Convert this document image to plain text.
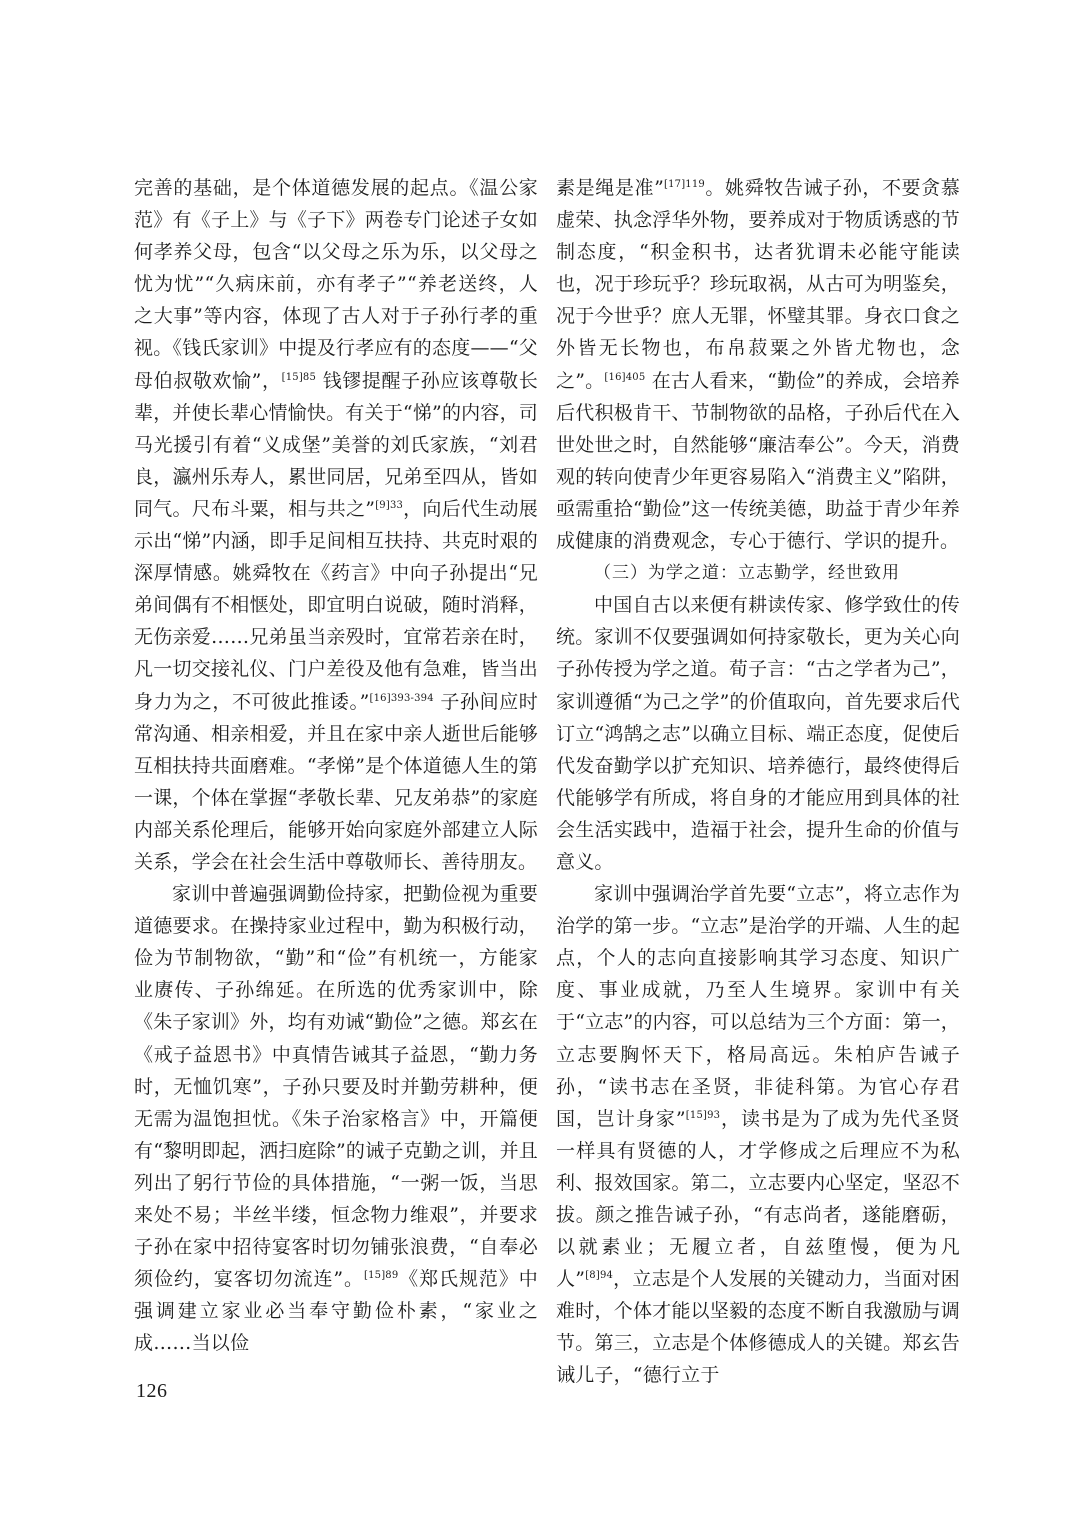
完善的基础，是个体道德发展的起点。《温公家范》有《子上》与《子下》两卷专门论述子女如何孝养父母，包含“以父母之乐为乐，以父母之忧为忧”“久病床前，亦有孝子”“养老送终，人之大事”等内容，体现了古人对于子孙行孝的重视。《钱氏家训》中提及行孝应有的态度——“父母伯叔敬欢愉”，$^{[15]85}$ 钱镠提醒子孙应该尊敬长辈，并使长辈心情愉快。有关于“悌”的内容，司马光援引有着“义成堡”美誉的刘氏家族，“刘君良，瀛州乐寿人，累世同居，兄弟至四从，皆如同气。尺布斗粟，相与共之”$^{[9]33}$，向后代生动展示出“悌”内涵，即手足间相互扶持、共克时艰的深厚情感。姚舜牧在《药言》中向子孙提出“兄弟间偶有不相惬处，即宜明白说破，随时消释，无伤亲爱……兄弟虽当亲殁时，宜常若亲在时，凡一切交接礼仪、门户差役及他有急难，皆当出身力为之，不可彼此推诿。”$^{[16]393-394}$ 子孙间应时常沟通、相亲相爱，并且在家中亲人逝世后能够互相扶持共面磨难。“孝悌”是个体道德人生的第一课，个体在掌握“孝敬长辈、兄友弟恭”的家庭内部关系伦理后，能够开始向家庭外部建立人际关系，学会在社会生活中尊敬师长、善待朋友。

家训中普遍强调勤俭持家，把勤俭视为重要道德要求。在操持家业过程中，勤为积极行动，俭为节制物欲，“勤”和“俭”有机统一，方能家业赓传、子孙绵延。在所选的优秀家训中，除《朱子家训》外，均有劝诫“勤俭”之德。郑玄在《戒子益恩书》中真情告诫其子益恩，“勤力务时，无恤饥寒”，子孙只要及时并勤劳耕种，便无需为温饱担忧。《朱子治家格言》中，开篇便有“黎明即起，洒扫庭除”的诫子克勤之训，并且列出了躬行节俭的具体措施，“一粥一饭，当思来处不易；半丝半缕，恒念物力维艰”，并要求子孙在家中招待宴客时切勿铺张浪费，“自奉必须俭约，宴客切勿流连”。$^{[15]89}$《郑氏规范》中强调建立家业必当奉守勤俭朴素，“家业之成……当以俭

素是绳是准”$^{[17]119}$。姚舜牧告诫子孙，不要贪慕虚荣、执念浮华外物，要养成对于物质诱惑的节制态度，“积金积书，达者犹谓未必能守能读也，况于珍玩乎？珍玩取祸，从古可为明鉴矣，况于今世乎？庶人无罪，怀璧其罪。身衣口食之外皆无长物也，布帛菽粟之外皆尤物也，念之”。$^{[16]405}$ 在古人看来，“勤俭”的养成，会培养后代积极肯干、节制物欲的品格，子孙后代在入世处世之时，自然能够“廉洁奉公”。今天，消费观的转向使青少年更容易陷入“消费主义”陷阱，亟需重拾“勤俭”这一传统美德，助益于青少年养成健康的消费观念，专心于德行、学识的提升。

（三）为学之道：立志勤学，经世致用

中国自古以来便有耕读传家、修学致仕的传统。家训不仅要强调如何持家敬长，更为关心向子孙传授为学之道。荀子言：“古之学者为己”，家训遵循“为己之学”的价值取向，首先要求后代订立“鸿鹄之志”以确立目标、端正态度，促使后代发奋勤学以扩充知识、培养德行，最终使得后代能够学有所成，将自身的才能应用到具体的社会生活实践中，造福于社会，提升生命的价值与意义。

家训中强调治学首先要“立志”，将立志作为治学的第一步。“立志”是治学的开端、人生的起点，个人的志向直接影响其学习态度、知识广度、事业成就，乃至人生境界。家训中有关于“立志”的内容，可以总结为三个方面：第一，立志要胸怀天下，格局高远。朱柏庐告诫子孙，“读书志在圣贤，非徒科第。为官心存君国，岂计身家”$^{[15]93}$，读书是为了成为先代圣贤一样具有贤德的人，才学修成之后理应不为私利、报效国家。第二，立志要内心坚定，坚忍不拔。颜之推告诫子孙，“有志尚者，遂能磨砺，以就素业；无履立者，自兹堕慢，便为凡人”$^{[8]94}$，立志是个人发展的关键动力，当面对困难时，个体才能以坚毅的态度不断自我激励与调节。第三，立志是个体修德成人的关键。郑玄告诫儿子，“德行立于

126
